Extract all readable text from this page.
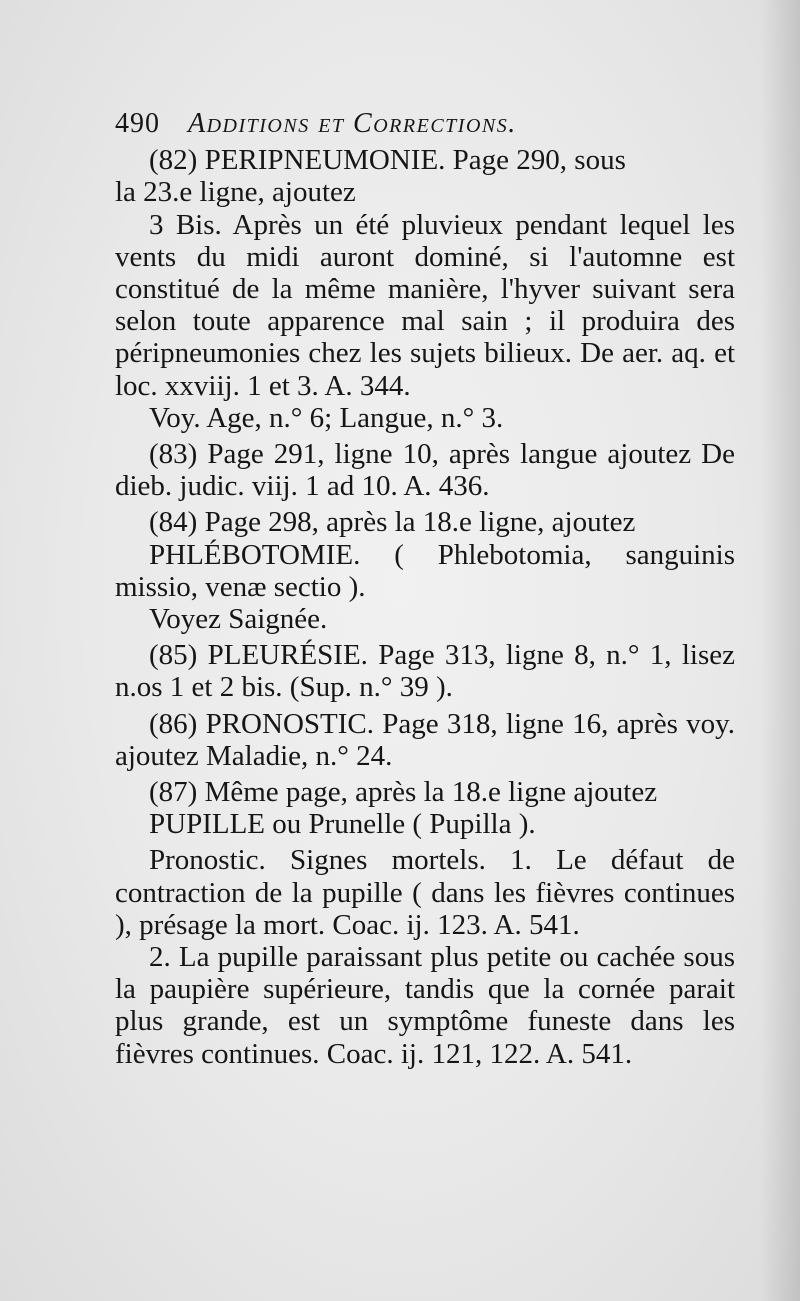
490 Additions et Corrections.

(82) PERIPNEUMONIE. Page 290, sous

la 23.e ligne, ajoutez

3 Bis. Après un été pluvieux pendant lequel les vents du midi auront dominé, si l'automne est constitué de la même manière, l'hyver suivant sera selon toute apparence mal sain ; il produira des péripneumonies chez les sujets bilieux. De aer. aq. et loc. xxviij. 1 et 3. A. 344.

Voy. Age, n.° 6; Langue, n.° 3.

(83) Page 291, ligne 10, après langue ajoutez De dieb. judic. viij. 1 ad 10. A. 436.

(84) Page 298, après la 18.e ligne, ajoutez

PHLÉBOTOMIE. ( Phlebotomia, sanguinis missio, venæ sectio ).

Voyez Saignée.

(85) PLEURÉSIE. Page 313, ligne 8, n.° 1, lisez n.os 1 et 2 bis. (Sup. n.° 39 ).

(86) PRONOSTIC. Page 318, ligne 16, après voy. ajoutez Maladie, n.° 24.

(87) Même page, après la 18.e ligne ajoutez

PUPILLE ou Prunelle ( Pupilla ).

Pronostic. Signes mortels. 1. Le défaut de contraction de la pupille ( dans les fièvres continues ), présage la mort. Coac. ij. 123. A. 541.

2. La pupille paraissant plus petite ou cachée sous la paupière supérieure, tandis que la cornée parait plus grande, est un symptôme funeste dans les fièvres continues. Coac. ij. 121, 122. A. 541.
